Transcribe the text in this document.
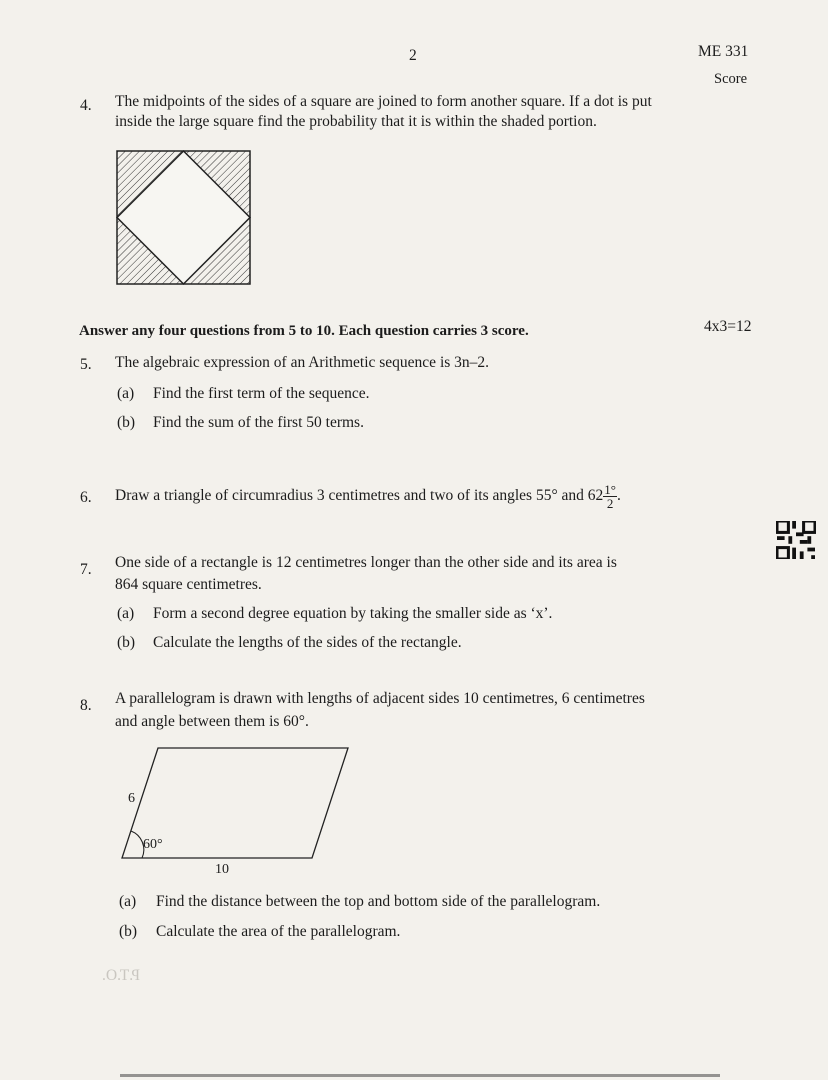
2	ME 331
Score
4. The midpoints of the sides of a square are joined to form another square. If a dot is put
inside the large square find the probability that it is within the shaded portion.
Answer any four questions from 5 to 10. Each question carries 3 score.	4x3=12
5. The algebraic expression of an Arithmetic sequence is 3n–2.
(a) Find the first term of the sequence.
(b) Find the sum of the first 50 terms.
6. Draw a triangle of circumradius 3 centimetres and two of its angles 55° and $62 \frac{1^\circ}{2}$ .
7. One side of a rectangle is 12 centimetres longer than the other side and its area is
864 square centimetres.
(a) Form a second degree equation by taking the smaller side as ‘x’.
(b) Calculate the lengths of the sides of the rectangle.
8. A parallelogram is drawn with lengths of adjacent sides 10 centimetres, 6 centimetres
and angle between them is 60°.
6
60°
10
(a) Find the distance between the top and bottom side of the parallelogram.
(b) Calculate the area of the parallelogram.
P.T.O.
